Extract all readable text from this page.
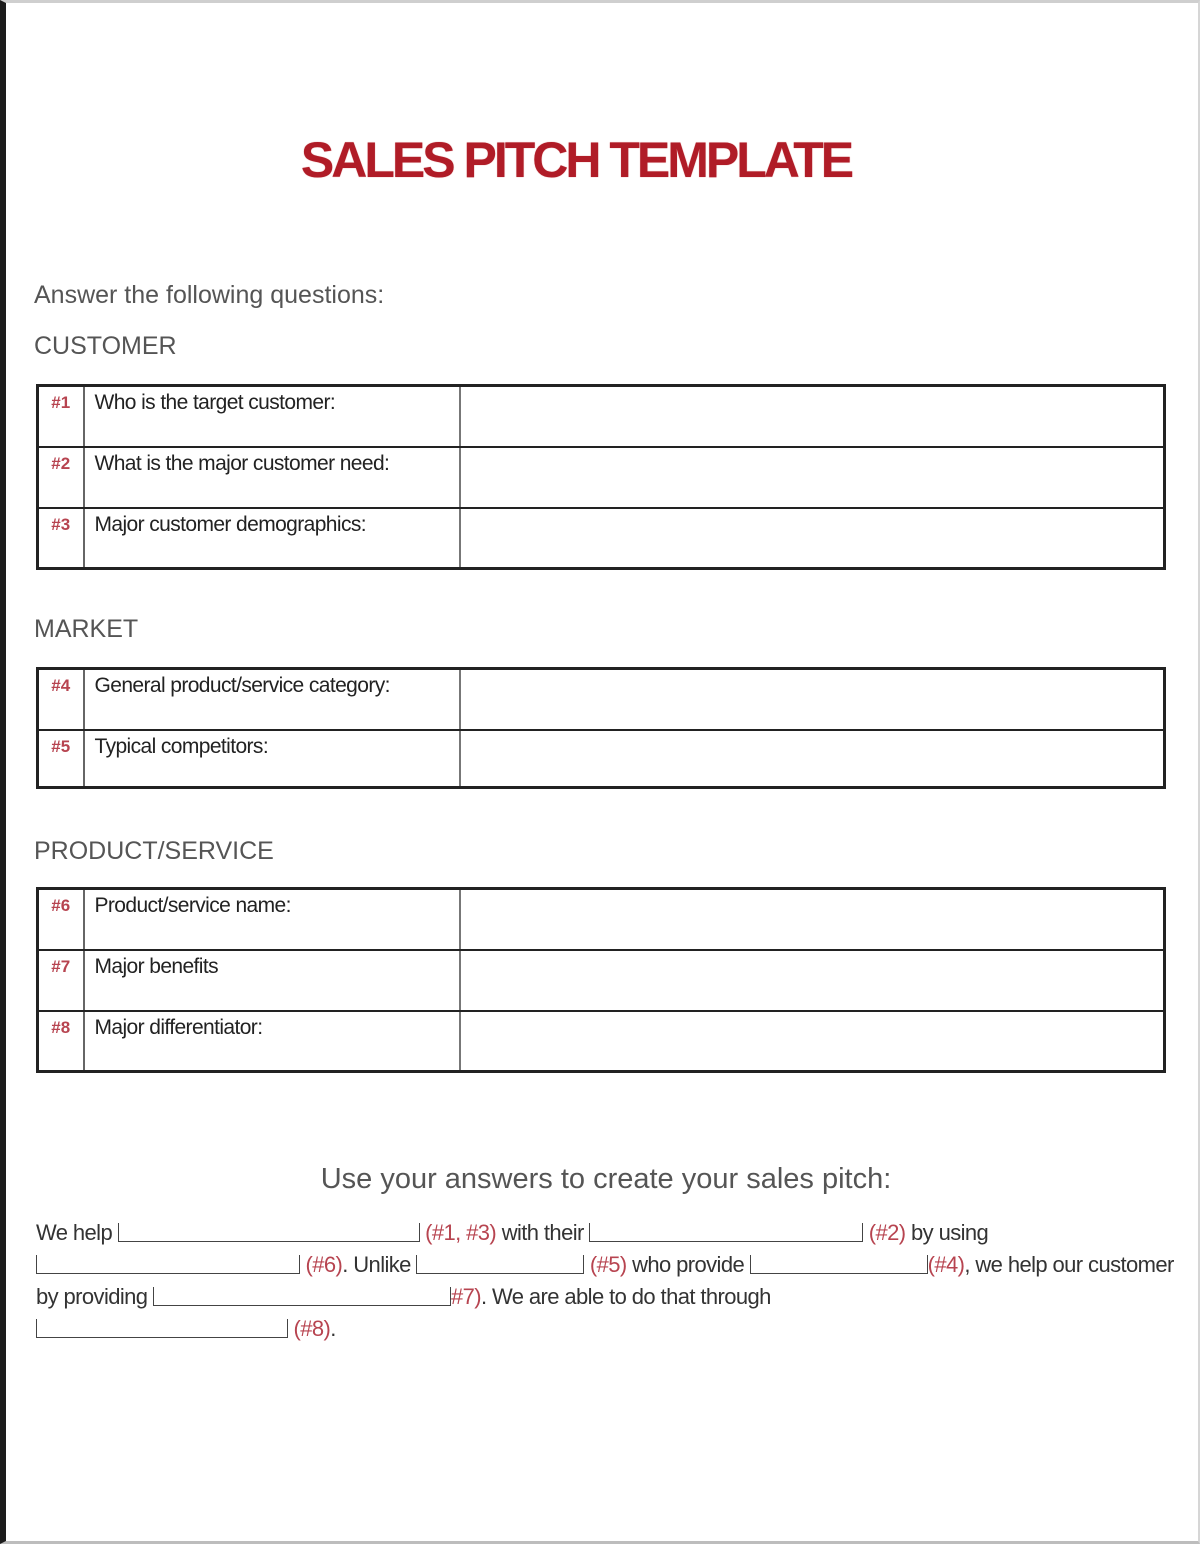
SALES PITCH TEMPLATE
Answer the following questions:
CUSTOMER
#1	Who is the target customer:	
#2	What is the major customer need:	
#3	Major customer demographics:	
MARKET
#4	General product/service category:	
#5	Typical competitors:	
PRODUCT/SERVICE
#6	Product/service name:	
#7	Major benefits	
#8	Major differentiator:	
Use your answers to create your sales pitch:
We help	(#1, #3) with their	(#2) by using
(#6). Unlike	(#5) who provide	(#4), we help our customer by providing	#7). We are able to do that through
(#8).
